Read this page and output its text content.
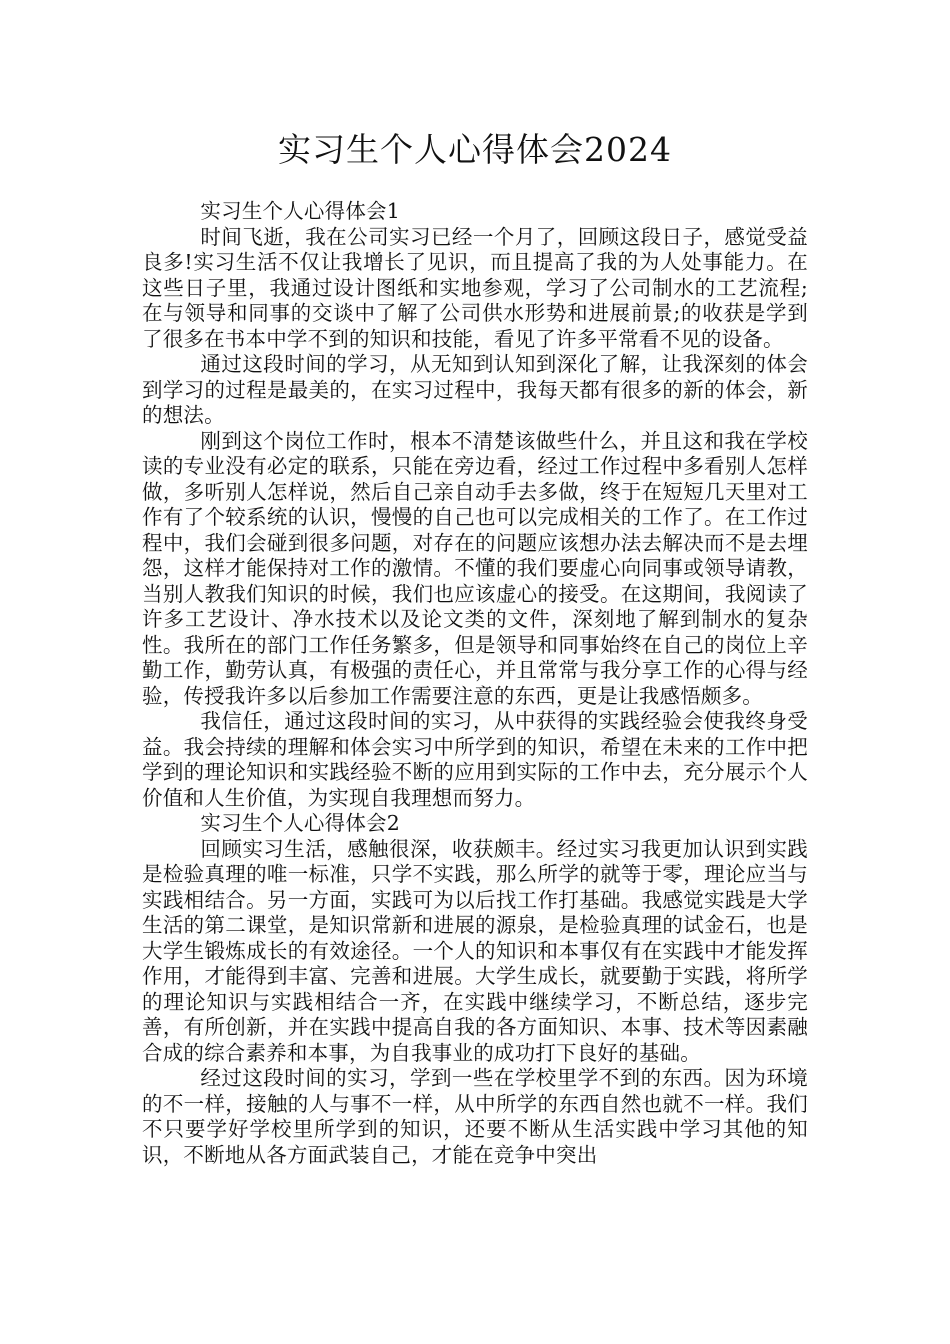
实习生个人心得体会2024
实习生个人心得体会1

时间飞逝，我在公司实习已经一个月了，回顾这段日子，感觉受益良多!实习生活不仅让我增长了见识，而且提高了我的为人处事能力。在这些日子里，我通过设计图纸和实地参观，学习了公司制水的工艺流程;在与领导和同事的交谈中了解了公司供水形势和进展前景;的收获是学到了很多在书本中学不到的知识和技能，看见了许多平常看不见的设备。

通过这段时间的学习，从无知到认知到深化了解，让我深刻的体会到学习的过程是最美的，在实习过程中，我每天都有很多的新的体会，新的想法。

刚到这个岗位工作时，根本不清楚该做些什么，并且这和我在学校读的专业没有必定的联系，只能在旁边看，经过工作过程中多看别人怎样做，多听别人怎样说，然后自己亲自动手去多做，终于在短短几天里对工作有了个较系统的认识，慢慢的自己也可以完成相关的工作了。在工作过程中，我们会碰到很多问题，对存在的问题应该想办法去解决而不是去埋怨，这样才能保持对工作的激情。不懂的我们要虚心向同事或领导请教，当别人教我们知识的时候，我们也应该虚心的接受。在这期间，我阅读了许多工艺设计、净水技术以及论文类的文件，深刻地了解到制水的复杂性。我所在的部门工作任务繁多，但是领导和同事始终在自己的岗位上辛勤工作，勤劳认真，有极强的责任心，并且常常与我分享工作的心得与经验，传授我许多以后参加工作需要注意的东西，更是让我感悟颇多。

我信任，通过这段时间的实习，从中获得的实践经验会使我终身受益。我会持续的理解和体会实习中所学到的知识，希望在未来的工作中把学到的理论知识和实践经验不断的应用到实际的工作中去，充分展示个人价值和人生价值，为实现自我理想而努力。

实习生个人心得体会2

回顾实习生活，感触很深，收获颇丰。经过实习我更加认识到实践是检验真理的唯一标准，只学不实践，那么所学的就等于零，理论应当与实践相结合。另一方面，实践可为以后找工作打基础。我感觉实践是大学生活的第二课堂，是知识常新和进展的源泉，是检验真理的试金石，也是大学生锻炼成长的有效途径。一个人的知识和本事仅有在实践中才能发挥作用，才能得到丰富、完善和进展。大学生成长，就要勤于实践，将所学的理论知识与实践相结合一齐，在实践中继续学习，不断总结，逐步完善，有所创新，并在实践中提高自我的各方面知识、本事、技术等因素融合成的综合素养和本事，为自我事业的成功打下良好的基础。

经过这段时间的实习，学到一些在学校里学不到的东西。因为环境的不一样，接触的人与事不一样，从中所学的东西自然也就不一样。我们不只要学好学校里所学到的知识，还要不断从生活实践中学习其他的知识，不断地从各方面武装自己，才能在竞争中突出
